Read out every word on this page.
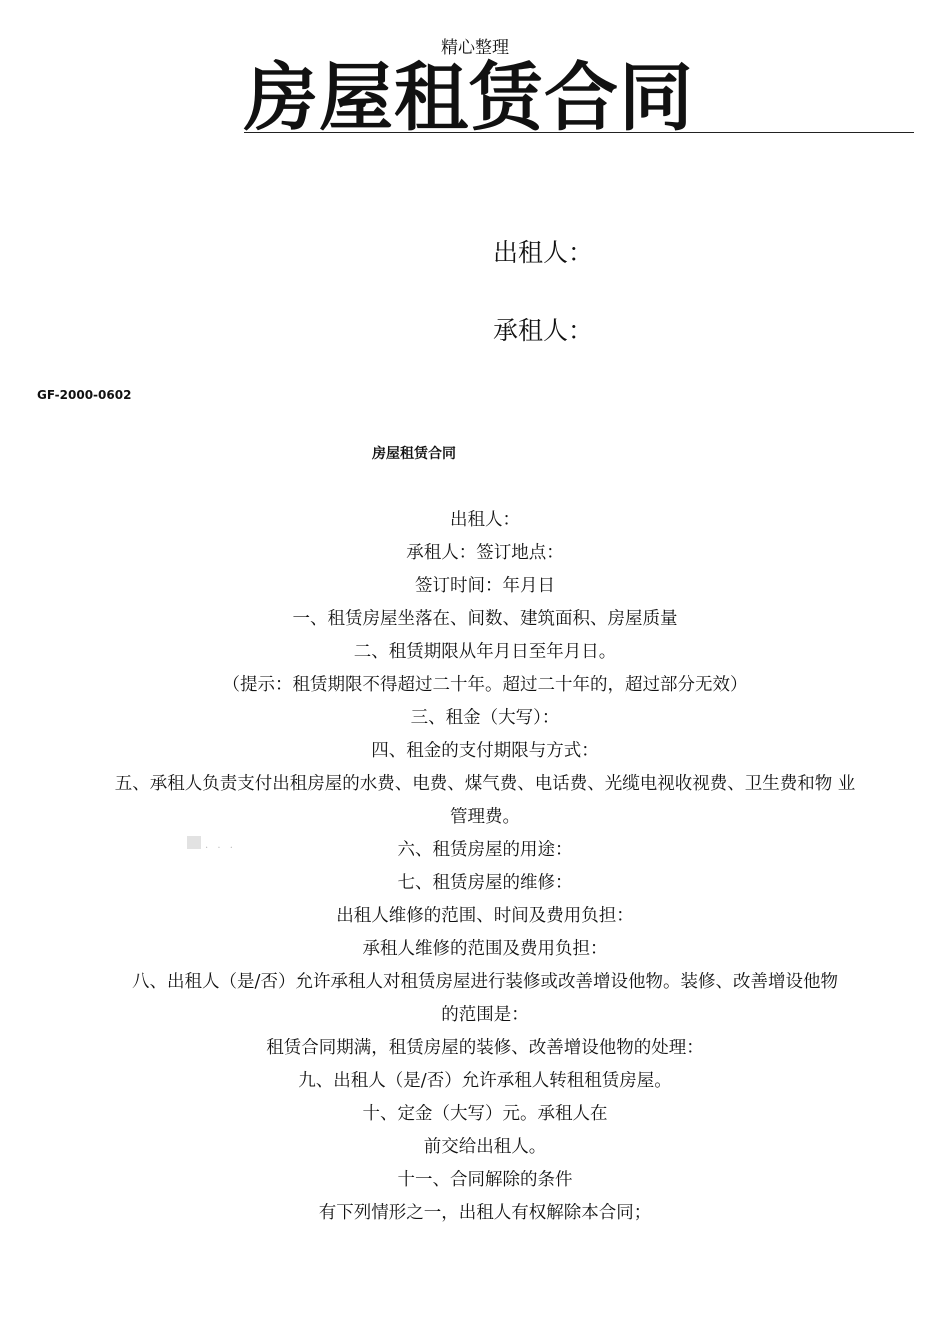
精心整理
房屋租赁合同
出租人：
承租人：
GF-2000-0602
房屋租赁合同
. . .
出租人：
承租人：签订地点：
签订时间：年月日
一、租赁房屋坐落在、间数、建筑面积、房屋质量
二、租赁期限从年月日至年月日。
（提示：租赁期限不得超过二十年。超过二十年的，超过部分无效）
三、租金（大写）：
四、租金的支付期限与方式：
五、承租人负责支付出租房屋的水费、电费、煤气费、电话费、光缆电视收视费、卫生费和物 业
管理费。
六、租赁房屋的用途：
七、租赁房屋的维修：
出租人维修的范围、时间及费用负担：
承租人维修的范围及费用负担：
八、出租人（是/否）允许承租人对租赁房屋进行装修或改善增设他物。装修、改善增设他物
的范围是：
租赁合同期满，租赁房屋的装修、改善增设他物的处理：
九、出租人（是/否）允许承租人转租租赁房屋。
十、定金（大写）元。承租人在
前交给出租人。
十一、合同解除的条件
有下列情形之一，出租人有权解除本合同；
